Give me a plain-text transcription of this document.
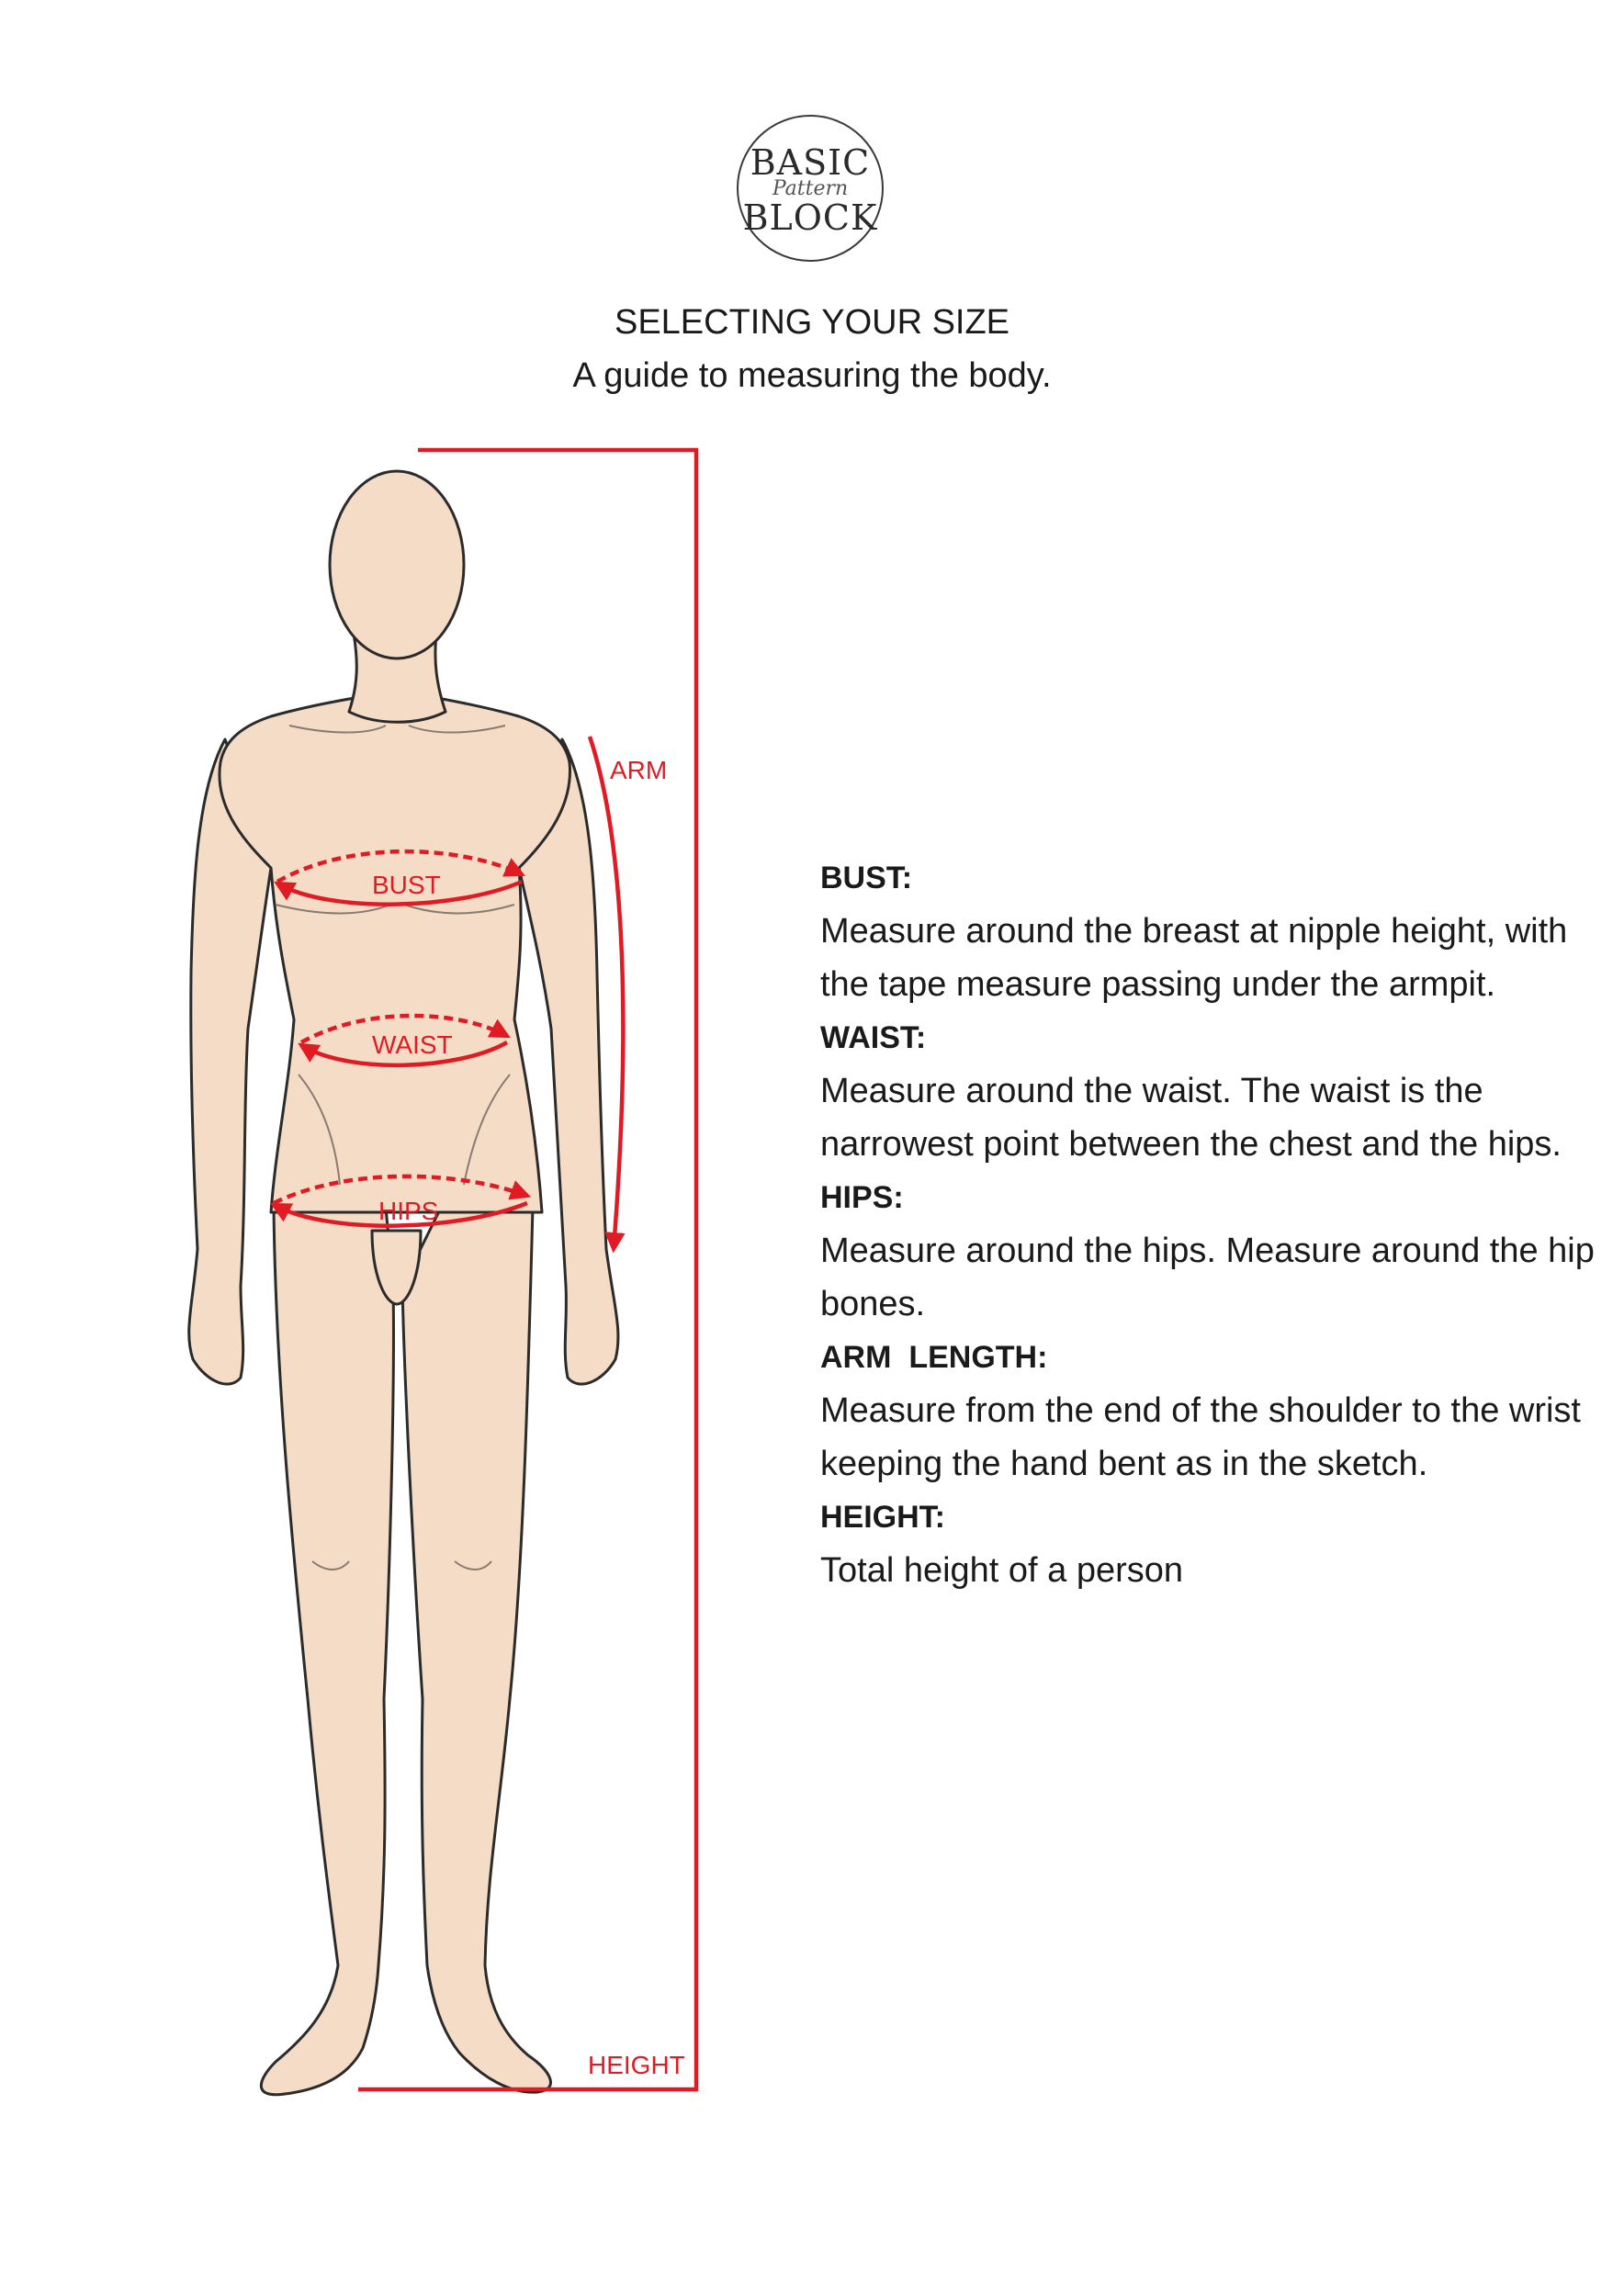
BASIC
Pattern
BLOCK
SELECTING YOUR SIZE
A guide to measuring the body.
ARM
BUST
WAIST
HIPS
HEIGHT
BUST:
Measure around the breast at nipple height, with the tape measure passing under the armpit.
WAIST:
Measure around the waist. The waist is the narrowest point between the chest and the hips.
HIPS:
Measure around the hips. Measure around the hip bones.
ARM  LENGTH:
Measure from the end of the shoulder to the wrist keeping the hand bent as in the sketch.
HEIGHT:
Total height of a person
